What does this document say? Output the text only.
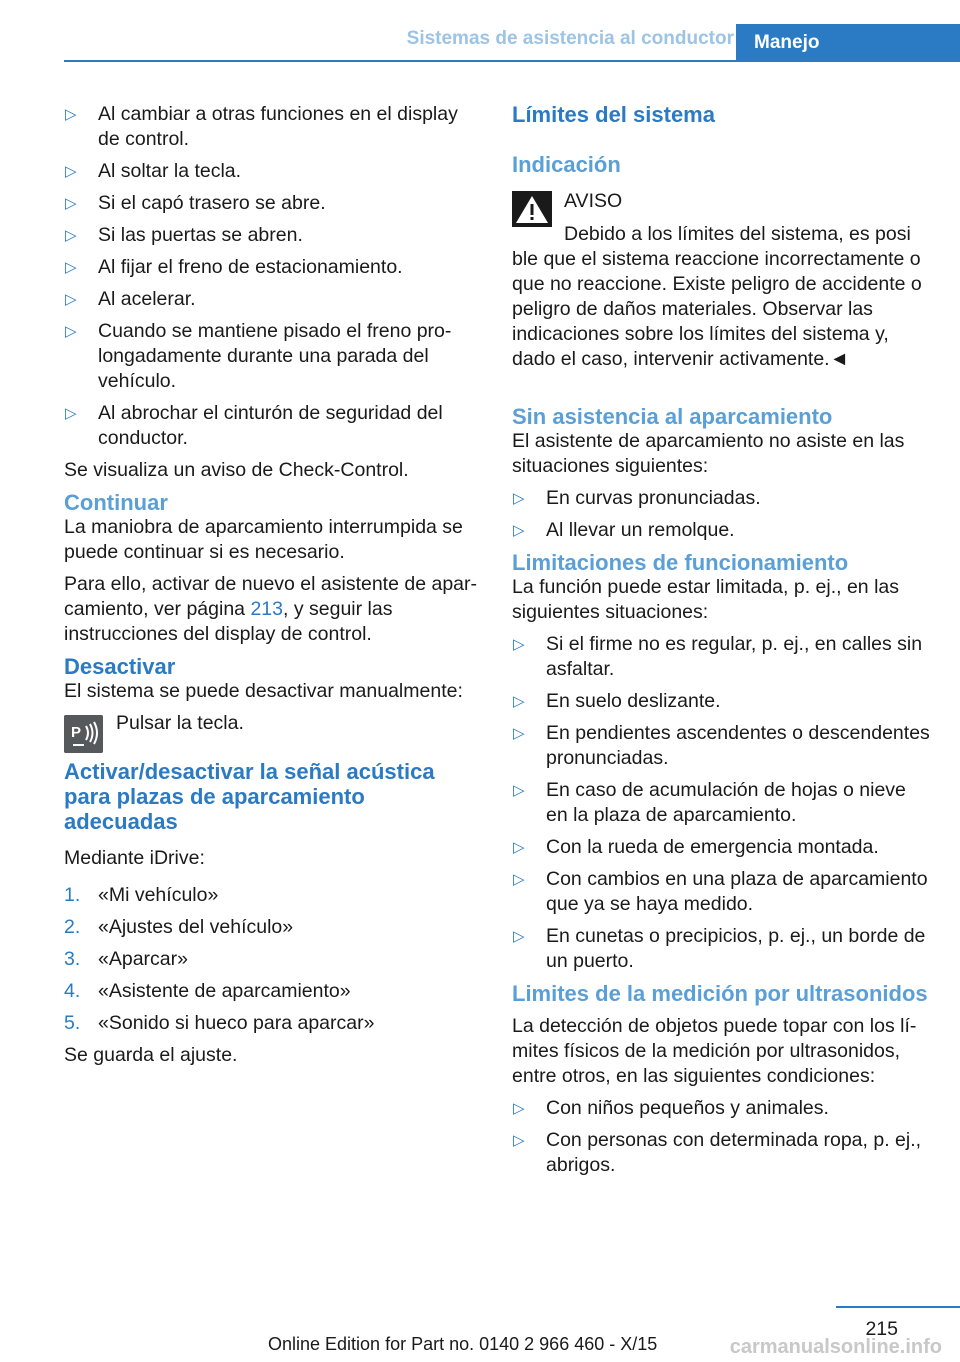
Sistemas de asistencia al conductor	Manejo
▷ Al cambiar a otras funciones en el display de control.
▷ Al soltar la tecla.
▷ Si el capó trasero se abre.
▷ Si las puertas se abren.
▷ Al fijar el freno de estacionamiento.
▷ Al acelerar.
▷ Cuando se mantiene pisado el freno prolongadamente durante una parada del vehículo.
▷ Al abrochar el cinturón de seguridad del conductor.

Se visualiza un aviso de Check-Control.

Continuar

La maniobra de aparcamiento interrumpida se puede continuar si es necesario.

Para ello, activar de nuevo el asistente de aparcamiento, ver página 213, y seguir las instrucciones del display de control.

Desactivar

El sistema se puede desactivar manualmente:

P Pulsar la tecla.
Activar/desactivar la señal acústica para plazas de aparcamiento adecuadas

Mediante iDrive:

1. «Mi vehículo»
2. «Ajustes del vehículo»
3. «Aparcar»
4. «Asistente de aparcamiento»
5. «Sonido si hueco para aparcar»

Se guarda el ajuste.

Límites del sistema
Indicación
AVISO
Debido a los límites del sistema, es posi
ble que el sistema reaccione incorrectamente o que no reaccione. Existe peligro de accidente o peligro de daños materiales. Observar las indicaciones sobre los límites del sistema y, dado el caso, intervenir activamente.◄
Sin asistencia al aparcamiento

El asistente de aparcamiento no asiste en las situaciones siguientes:

▷ En curvas pronunciadas.
▷ Al llevar un remolque.
Limitaciones de funcionamiento

La función puede estar limitada, p. ej., en las siguientes situaciones:

▷ Si el firme no es regular, p. ej., en calles sin asfaltar.
▷ En suelo deslizante.
▷ En pendientes ascendentes o descendentes pronunciadas.
▷ En caso de acumulación de hojas o nieve en la plaza de aparcamiento.
▷ Con la rueda de emergencia montada.
▷ Con cambios en una plaza de aparcamiento que ya se haya medido.
▷ En cunetas o precipicios, p. ej., un borde de un puerto.
Limites de la medición por ultrasonidos

La detección de objetos puede topar con los límites físicos de la medición por ultrasonidos, entre otros, en las siguientes condiciones:

▷ Con niños pequeños y animales.
▷ Con personas con determinada ropa, p. ej., abrigos.
215
Online Edition for Part no. 0140 2 966 460 - X/15	carmanualsonline.info
